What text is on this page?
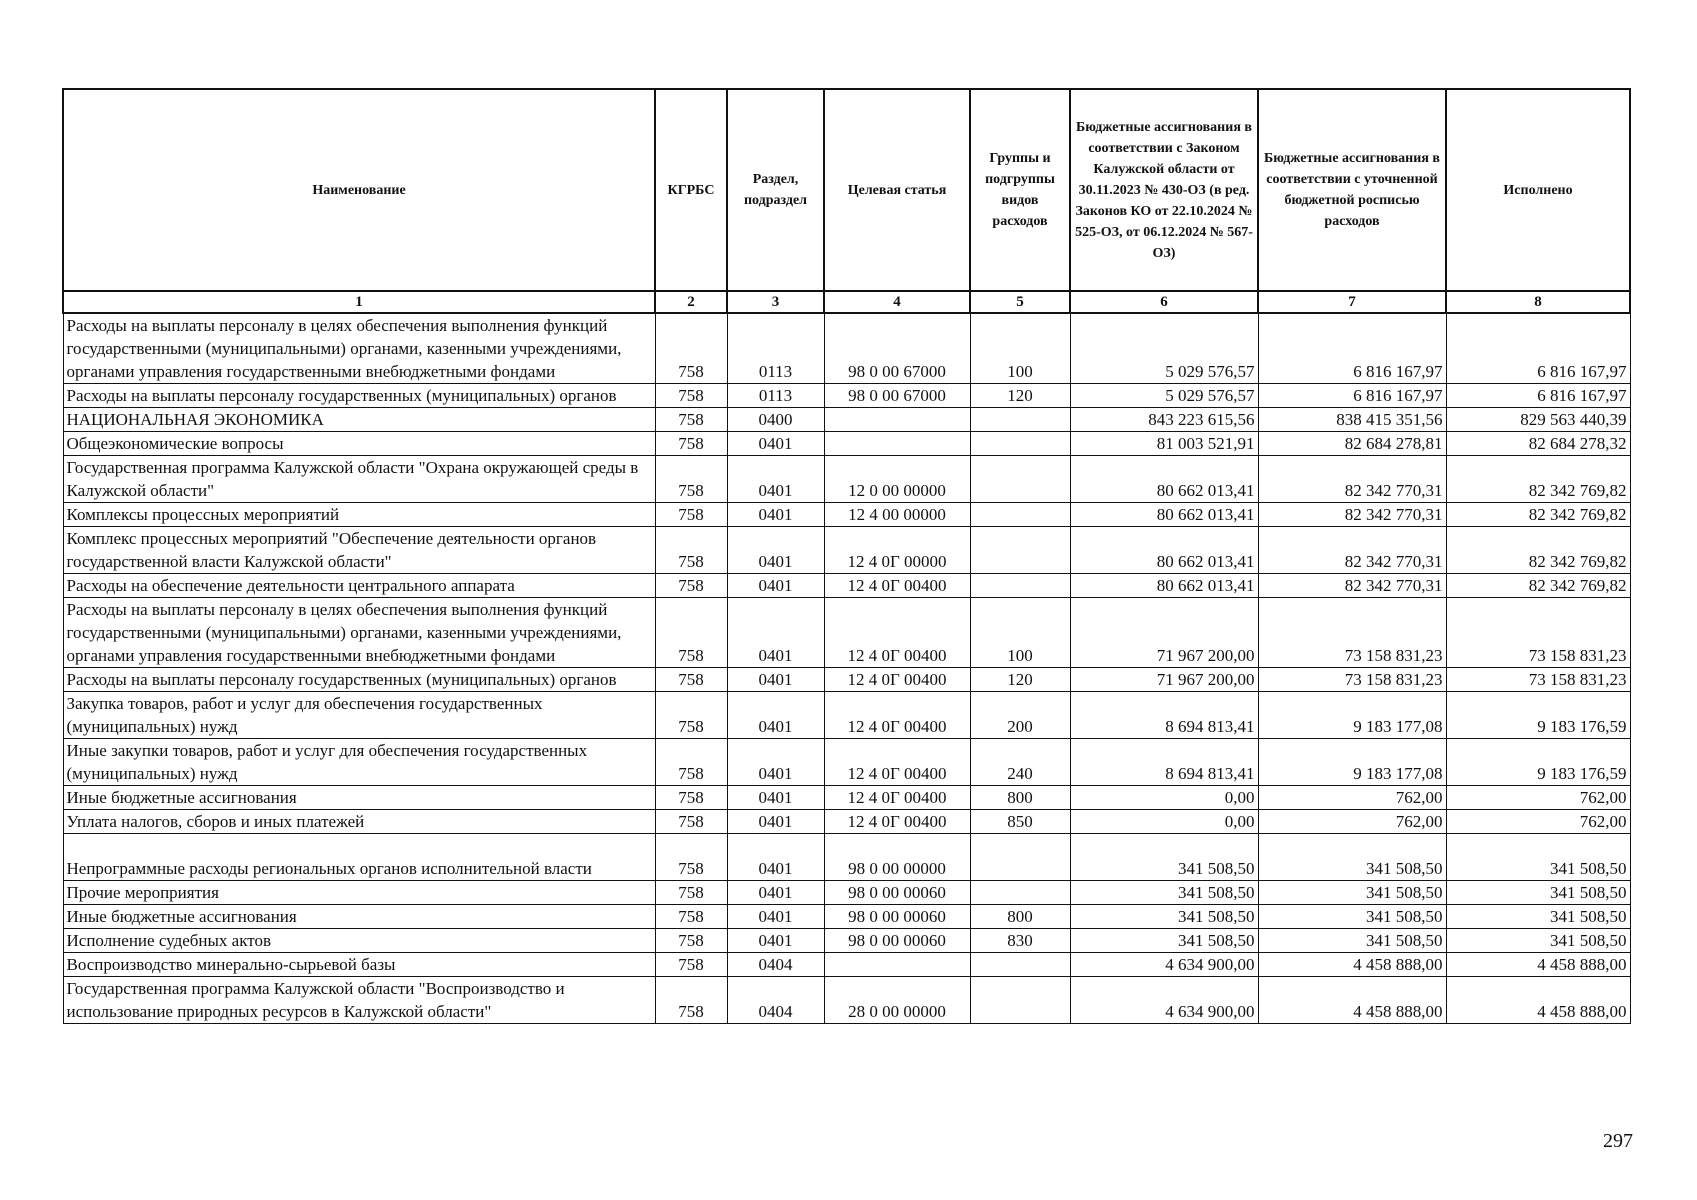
Наименование	КГРБС	Раздел, подраздел	Целевая статья	Группы и подгруппы видов расходов	Бюджетные ассигнования в соответствии с Законом Калужской области от 30.11.2023 № 430-ОЗ (в ред. Законов КО от 22.10.2024 № 525-ОЗ, от 06.12.2024 № 567-ОЗ)	Бюджетные ассигнования в соответствии с уточненной бюджетной росписью расходов	Исполнено
1	2	3	4	5	6	7	8
Расходы на выплаты персоналу в целях обеспечения выполнения функций государственными (муниципальными) органами, казенными учреждениями, органами управления государственными внебюджетными фондами	758	0113	98 0 00 67000	100	5 029 576,57	6 816 167,97	6 816 167,97
Расходы на выплаты персоналу государственных (муниципальных) органов	758	0113	98 0 00 67000	120	5 029 576,57	6 816 167,97	6 816 167,97
НАЦИОНАЛЬНАЯ ЭКОНОМИКА	758	0400			843 223 615,56	838 415 351,56	829 563 440,39
Общеэкономические вопросы	758	0401			81 003 521,91	82 684 278,81	82 684 278,32
Государственная программа Калужской области "Охрана окружающей среды в Калужской области"	758	0401	12 0 00 00000		80 662 013,41	82 342 770,31	82 342 769,82
Комплексы процессных мероприятий	758	0401	12 4 00 00000		80 662 013,41	82 342 770,31	82 342 769,82
Комплекс процессных мероприятий "Обеспечение деятельности органов государственной власти Калужской области"	758	0401	12 4 0Г 00000		80 662 013,41	82 342 770,31	82 342 769,82
Расходы на обеспечение деятельности центрального аппарата	758	0401	12 4 0Г 00400		80 662 013,41	82 342 770,31	82 342 769,82
Расходы на выплаты персоналу в целях обеспечения выполнения функций государственными (муниципальными) органами, казенными учреждениями, органами управления государственными внебюджетными фондами	758	0401	12 4 0Г 00400	100	71 967 200,00	73 158 831,23	73 158 831,23
Расходы на выплаты персоналу государственных (муниципальных) органов	758	0401	12 4 0Г 00400	120	71 967 200,00	73 158 831,23	73 158 831,23
Закупка товаров, работ и услуг для обеспечения государственных (муниципальных) нужд	758	0401	12 4 0Г 00400	200	8 694 813,41	9 183 177,08	9 183 176,59
Иные закупки товаров, работ и услуг для обеспечения государственных (муниципальных) нужд	758	0401	12 4 0Г 00400	240	8 694 813,41	9 183 177,08	9 183 176,59
Иные бюджетные ассигнования	758	0401	12 4 0Г 00400	800	0,00	762,00	762,00
Уплата налогов, сборов и иных платежей	758	0401	12 4 0Г 00400	850	0,00	762,00	762,00
Непрограммные расходы региональных органов исполнительной власти	758	0401	98 0 00 00000		341 508,50	341 508,50	341 508,50
Прочие мероприятия	758	0401	98 0 00 00060		341 508,50	341 508,50	341 508,50
Иные бюджетные ассигнования	758	0401	98 0 00 00060	800	341 508,50	341 508,50	341 508,50
Исполнение судебных актов	758	0401	98 0 00 00060	830	341 508,50	341 508,50	341 508,50
Воспроизводство минерально-сырьевой базы	758	0404			4 634 900,00	4 458 888,00	4 458 888,00
Государственная программа Калужской области "Воспроизводство и использование природных ресурсов в Калужской области"	758	0404	28 0 00 00000		4 634 900,00	4 458 888,00	4 458 888,00
297
